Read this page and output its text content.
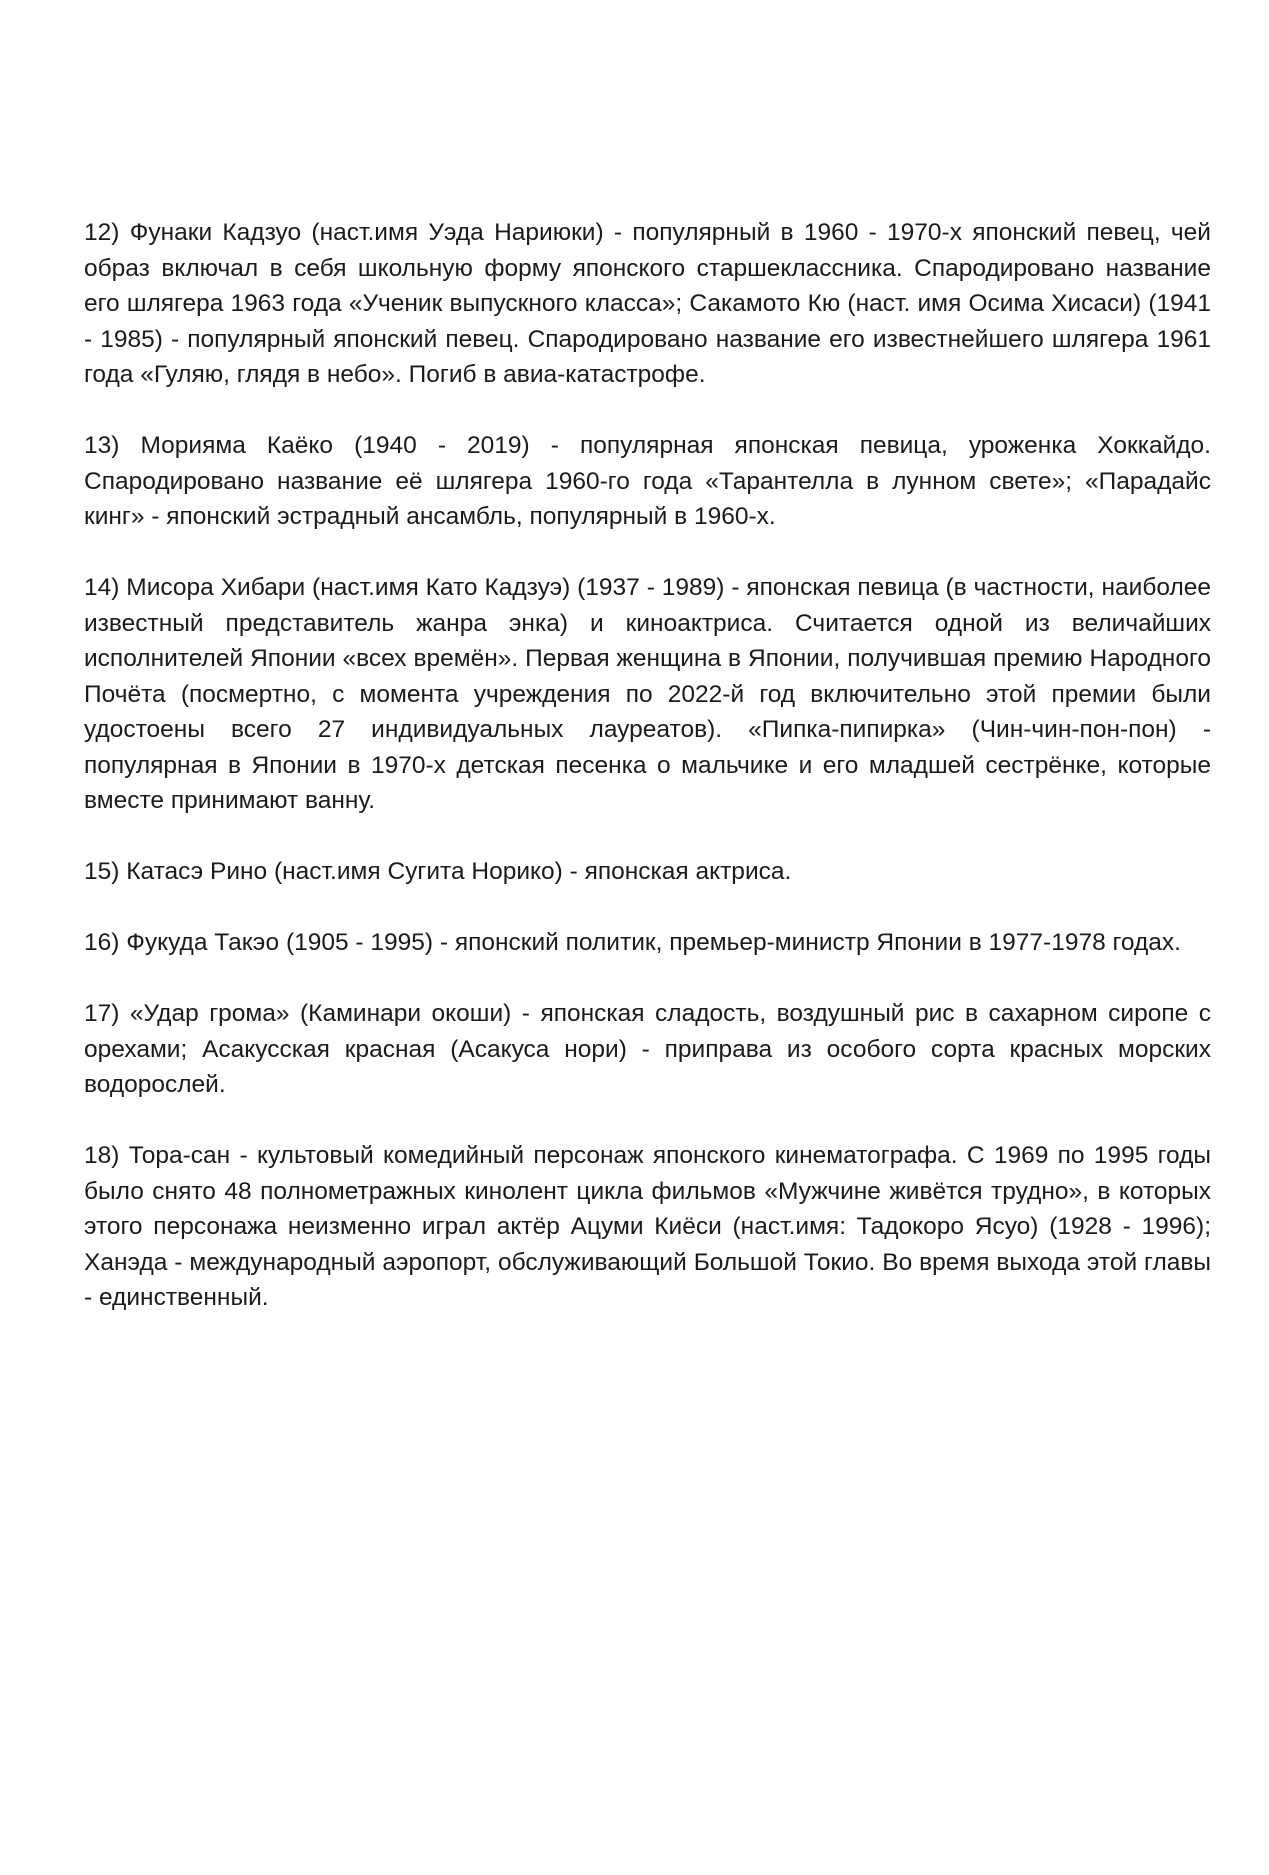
12) Фунаки Кадзуо (наст.имя Уэда Нариюки) - популярный в 1960 - 1970-х японский певец, чей образ включал в себя школьную форму японского старшеклассника. Спародировано название его шлягера 1963 года «Ученик выпускного класса»; Сакамото Кю (наст. имя Осима Хисаси) (1941 - 1985) - популярный японский певец. Спародировано название его известнейшего шлягера 1961 года «Гуляю, глядя в небо». Погиб в авиа-катастрофе.

13) Морияма Каёко (1940 - 2019) - популярная японская певица, уроженка Хоккайдо. Спародировано название её шлягера 1960-го года «Тарантелла в лунном свете»; «Парадайс кинг» - японский эстрадный ансамбль, популярный в 1960-х.

14) Мисора Хибари (наст.имя Като Кадзуэ) (1937 - 1989) - японская певица (в частности, наиболее известный представитель жанра энка) и киноактриса. Считается одной из величайших исполнителей Японии «всех времён». Первая женщина в Японии, получившая премию Народного Почёта (посмертно, с момента учреждения по 2022-й год включительно этой премии были удостоены всего 27 индивидуальных лауреатов). «Пипка-пипирка» (Чин-чин-пон-пон) - популярная в Японии в 1970-х детская песенка о мальчике и его младшей сестрёнке, которые вместе принимают ванну.

15) Катасэ Рино (наст.имя Сугита Норико) - японская актриса.

16) Фукуда Такэо (1905 - 1995) - японский политик, премьер-министр Японии в 1977-1978 годах.

17) «Удар грома» (Каминари окоши) - японская сладость, воздушный рис в сахарном сиропе с орехами; Асакусская красная (Асакуса нори) - приправа из особого сорта красных морских водорослей.

18) Тора-сан - культовый комедийный персонаж японского кинематографа. С 1969 по 1995 годы было снято 48 полнометражных кинолент цикла фильмов «Мужчине живётся трудно», в которых этого персонажа неизменно играл актёр Ацуми Киёси (наст.имя: Тадокоро Ясуо) (1928 - 1996); Ханэда - международный аэропорт, обслуживающий Большой Токио. Во время выхода этой главы - единственный.
